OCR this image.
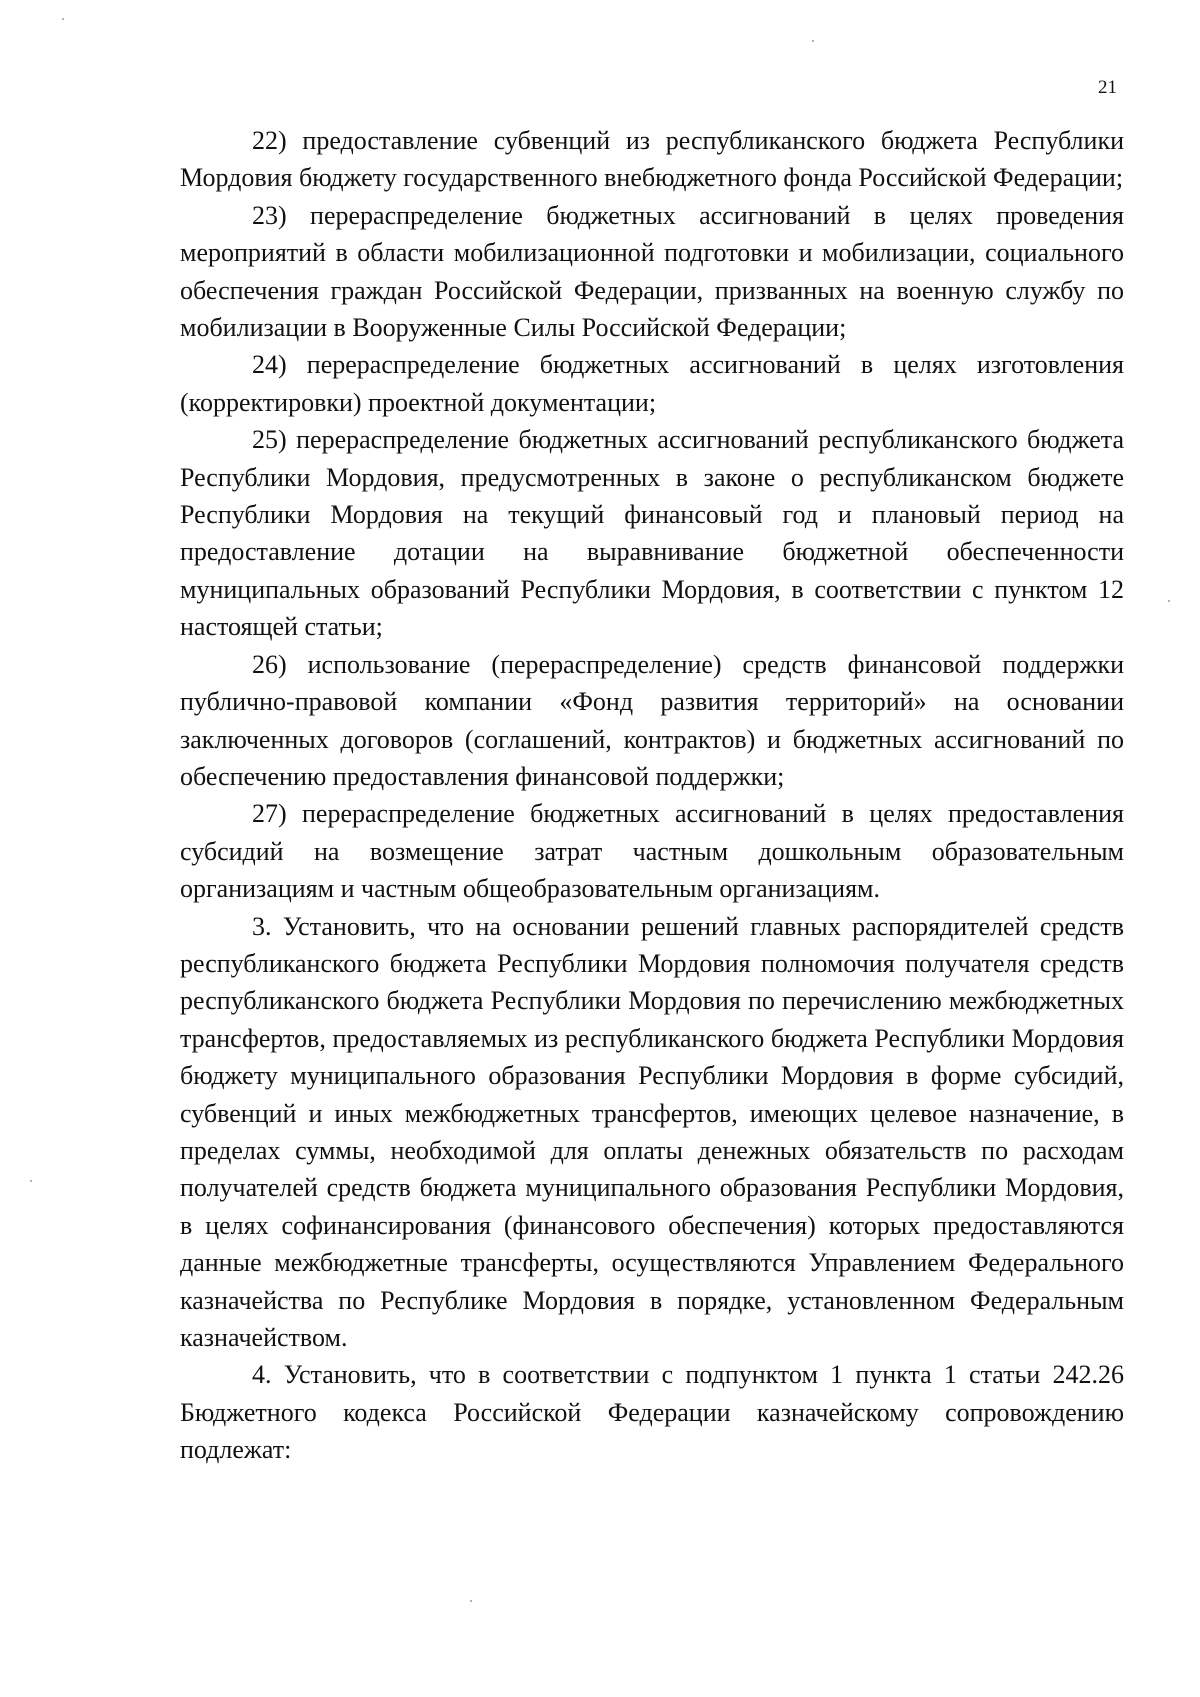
21

22) предоставление субвенций из республиканского бюджета Республики Мордовия бюджету государственного внебюджетного фонда Российской Федерации;

23) перераспределение бюджетных ассигнований в целях проведения мероприятий в области мобилизационной подготовки и мобилизации, социального обеспечения граждан Российской Федерации, призванных на военную службу по мобилизации в Вооруженные Силы Российской Федерации;

24) перераспределение бюджетных ассигнований в целях изготовления (корректировки) проектной документации;

25) перераспределение бюджетных ассигнований республиканского бюджета Республики Мордовия, предусмотренных в законе о республиканском бюджете Республики Мордовия на текущий финансовый год и плановый период на предоставление дотации на выравнивание бюджетной обеспеченности муниципальных образований Республики Мордовия, в соответствии с пунктом 12 настоящей статьи;

26) использование (перераспределение) средств финансовой поддержки публично-правовой компании «Фонд развития территорий» на основании заключенных договоров (соглашений, контрактов) и бюджетных ассигнований по обеспечению предоставления финансовой поддержки;

27) перераспределение бюджетных ассигнований в целях предоставления субсидий на возмещение затрат частным дошкольным образовательным организациям и частным общеобразовательным организациям.

3. Установить, что на основании решений главных распорядителей средств республиканского бюджета Республики Мордовия полномочия получателя средств республиканского бюджета Республики Мордовия по перечислению межбюджетных трансфертов, предоставляемых из республиканского бюджета Республики Мордовия бюджету муниципального образования Республики Мордовия в форме субсидий, субвенций и иных межбюджетных трансфертов, имеющих целевое назначение, в пределах суммы, необходимой для оплаты денежных обязательств по расходам получателей средств бюджета муниципального образования Республики Мордовия, в целях софинансирования (финансового обеспечения) которых предоставляются данные межбюджетные трансферты, осуществляются Управлением Федерального казначейства по Республике Мордовия в порядке, установленном Федеральным казначейством.

4. Установить, что в соответствии с подпунктом 1 пункта 1 статьи 242.26 Бюджетного кодекса Российской Федерации казначейскому сопровождению подлежат:
